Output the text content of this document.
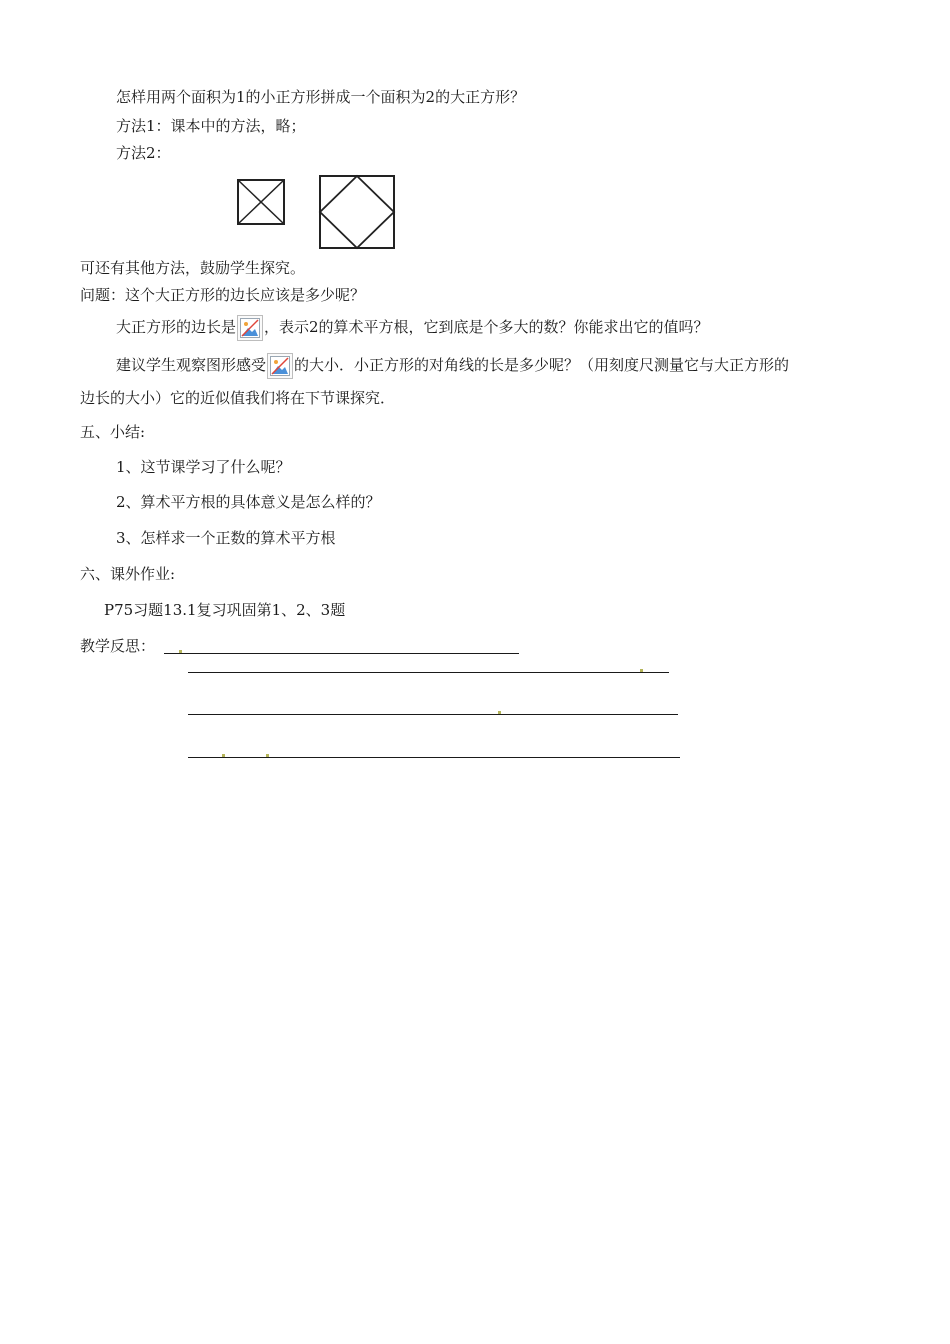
怎样用两个面积为1的小正方形拼成一个面积为2的大正方形？
方法1：课本中的方法，略；
方法2：
可还有其他方法，鼓励学生探究。
问题：这个大正方形的边长应该是多少呢？
大正方形的边长是 ，表示2的算术平方根，它到底是个多大的数？你能求出它的值吗？
建议学生观察图形感受 的大小．小正方形的对角线的长是多少呢？（用刻度尺测量它与大正方形的
边长的大小）它的近似值我们将在下节课探究．
五、小结:
1、这节课学习了什么呢？
2、算术平方根的具体意义是怎么样的？
3、怎样求一个正数的算术平方根
六、课外作业:
P75习题13.1复习巩固第1、2、3题
教学反思：
